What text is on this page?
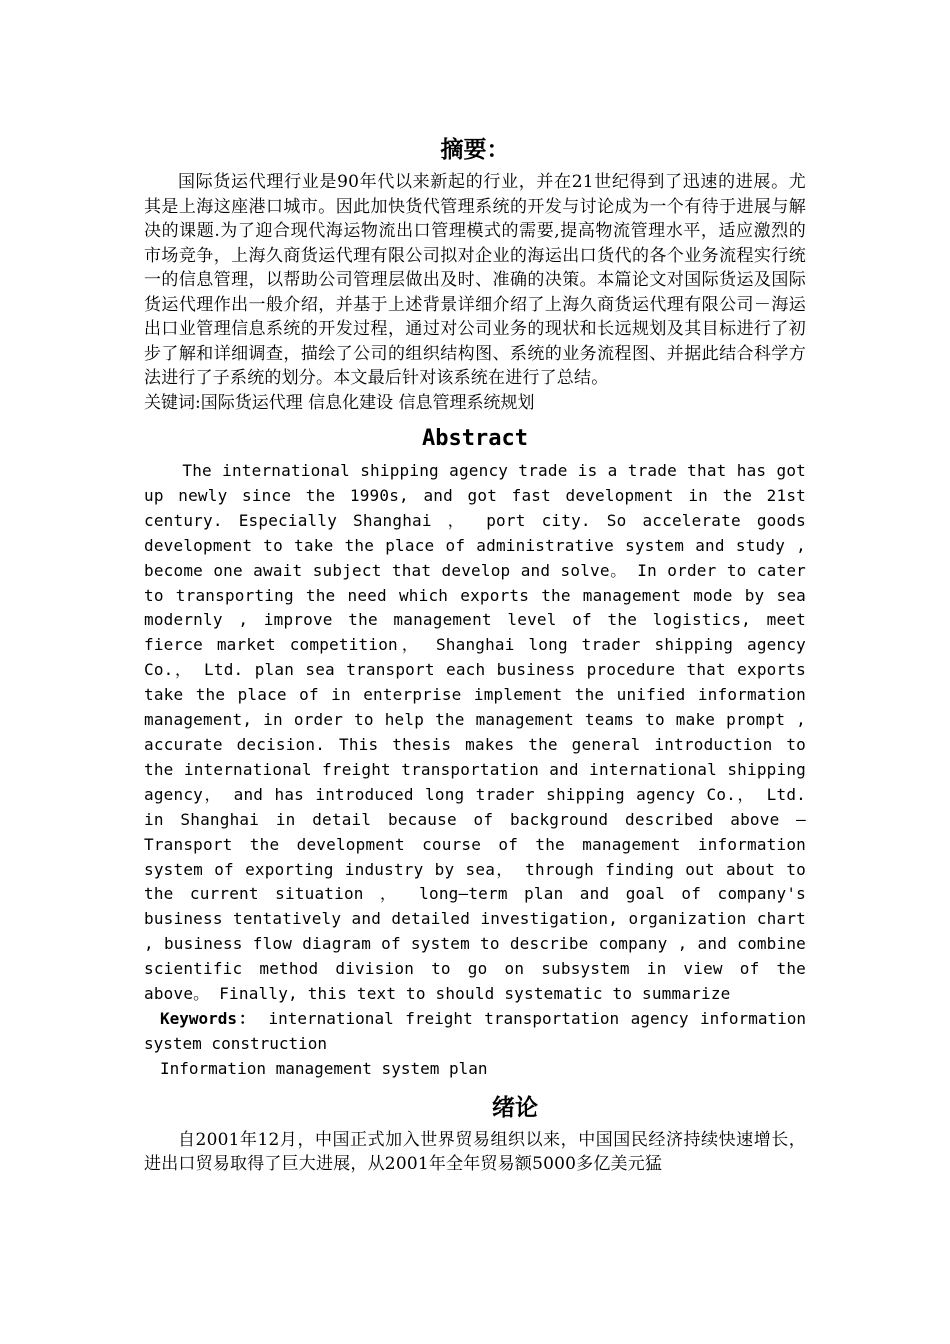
摘要：

国际货运代理行业是90年代以来新起的行业，并在21世纪得到了迅速的进展。尤其是上海这座港口城市。因此加快货代管理系统的开发与讨论成为一个有待于进展与解决的课题.为了迎合现代海运物流出口管理模式的需要,提高物流管理水平，适应激烈的市场竞争，上海久商货运代理有限公司拟对企业的海运出口货代的各个业务流程实行统一的信息管理，以帮助公司管理层做出及时、准确的决策。本篇论文对国际货运及国际货运代理作出一般介绍，并基于上述背景详细介绍了上海久商货运代理有限公司－海运出口业管理信息系统的开发过程，通过对公司业务的现状和长远规划及其目标进行了初步了解和详细调查，描绘了公司的组织结构图、系统的业务流程图、并据此结合科学方法进行了子系统的划分。本文最后针对该系统在进行了总结。

关键词:国际货运代理 信息化建设 信息管理系统规划

Abstract

The international shipping agency trade is a trade that has got up newly since the 1990s, and got fast development in the 21st century. Especially Shanghai ， port city. So accelerate goods development to take the place of administrative system and study , become one await subject that develop and solve。 In order to cater to transporting the need which exports the management mode by sea modernly , improve the management level of the logistics, meet fierce market competition， Shanghai long trader shipping agency Co.， Ltd. plan sea transport each business procedure that exports take the place of in enterprise implement the unified information management, in order to help the management teams to make prompt , accurate decision. This thesis makes the general introduction to the international freight transportation and international shipping agency， and has introduced long trader shipping agency Co.， Ltd. in Shanghai in detail because of background described above — Transport the development course of the management information system of exporting industry by sea， through finding out about to the current situation ， long—term plan and goal of company's business tentatively and detailed investigation, organization chart , business flow diagram of system to describe company , and combine scientific method division to go on subsystem in view of the above。 Finally, this text to should systematic to summarize

Keywords： international freight transportation agency information system construction

Information management system plan

绪论

自2001年12月，中国正式加入世界贸易组织以来，中国国民经济持续快速增长，进出口贸易取得了巨大进展，从2001年全年贸易额5000多亿美元猛
